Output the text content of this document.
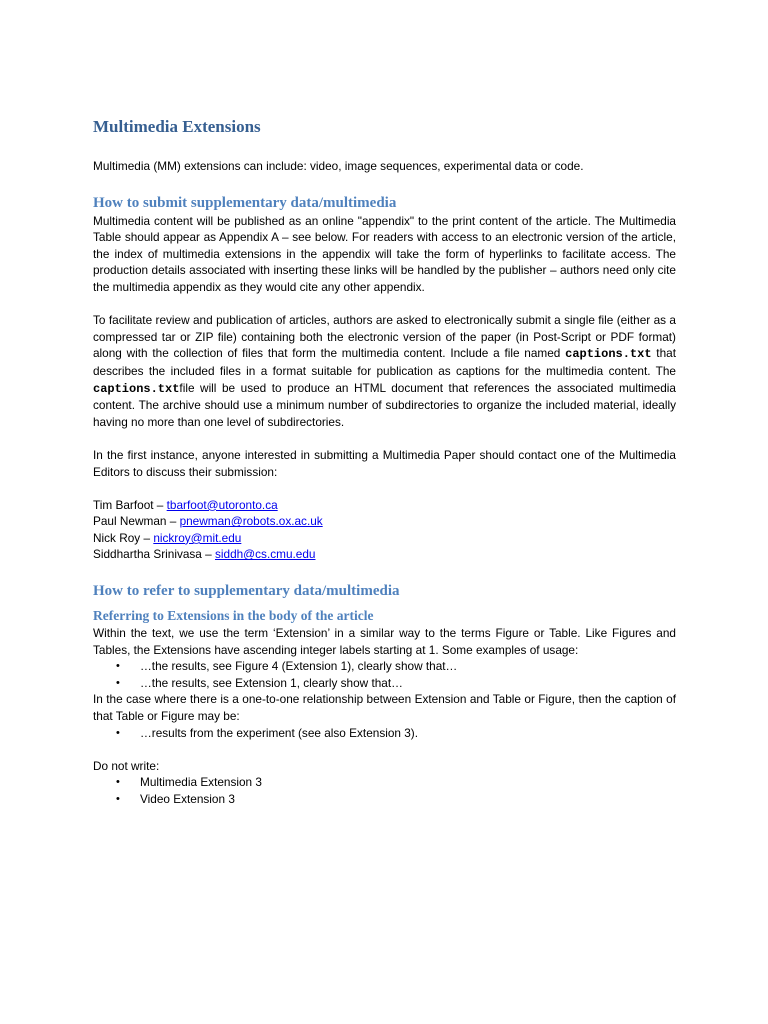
Multimedia Extensions

Multimedia (MM) extensions can include: video, image sequences, experimental data or code.

How to submit supplementary data/multimedia

Multimedia content will be published as an online "appendix" to the print content of the article. The Multimedia Table should appear as Appendix A – see below. For readers with access to an electronic version of the article, the index of multimedia extensions in the appendix will take the form of hyperlinks to facilitate access. The production details associated with inserting these links will be handled by the publisher – authors need only cite the multimedia appendix as they would cite any other appendix.

To facilitate review and publication of articles, authors are asked to electronically submit a single file (either as a compressed tar or ZIP file) containing both the electronic version of the paper (in Post-Script or PDF format) along with the collection of files that form the multimedia content. Include a file named captions.txt that describes the included files in a format suitable for publication as captions for the multimedia content. The captions.txtfile will be used to produce an HTML document that references the associated multimedia content. The archive should use a minimum number of subdirectories to organize the included material, ideally having no more than one level of subdirectories.

In the first instance, anyone interested in submitting a Multimedia Paper should contact one of the Multimedia Editors to discuss their submission:

Tim Barfoot – tbarfoot@utoronto.ca
Paul Newman – pnewman@robots.ox.ac.uk
Nick Roy – nickroy@mit.edu
Siddhartha Srinivasa – siddh@cs.cmu.edu
How to refer to supplementary data/multimedia
Referring to Extensions in the body of the article

Within the text, we use the term ‘Extension’ in a similar way to the terms Figure or Table. Like Figures and Tables, the Extensions have ascending integer labels starting at 1. Some examples of usage:

• …the results, see Figure 4 (Extension 1), clearly show that…
• …the results, see Extension 1, clearly show that…

In the case where there is a one-to-one relationship between Extension and Table or Figure, then the caption of that Table or Figure may be:

• …results from the experiment (see also Extension 3).

Do not write:

• Multimedia Extension 3
• Video Extension 3
